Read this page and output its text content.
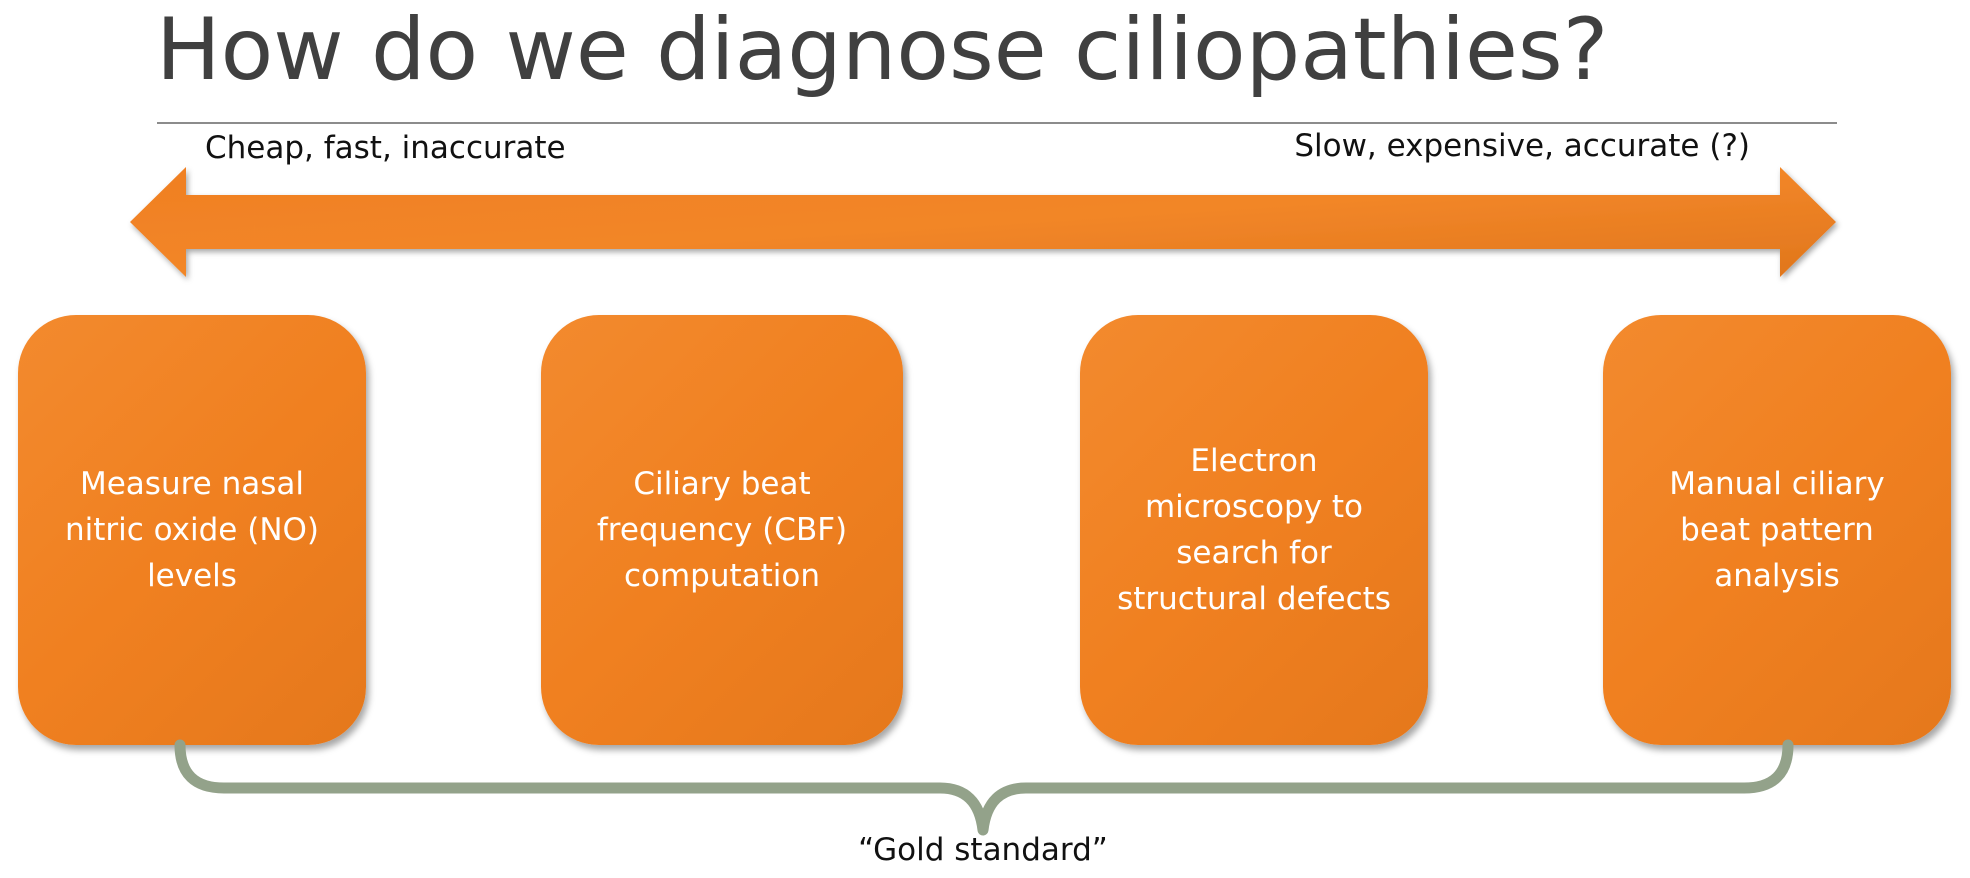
How do we diagnose ciliopathies?
Cheap, fast, inaccurate	Slow, expensive, accurate (?)
Measure nasal
nitric oxide (NO)
levels
Ciliary beat
frequency (CBF)
computation
Electron
microscopy to
search for
structural defects
Manual ciliary
beat pattern
analysis
“Gold standard”
